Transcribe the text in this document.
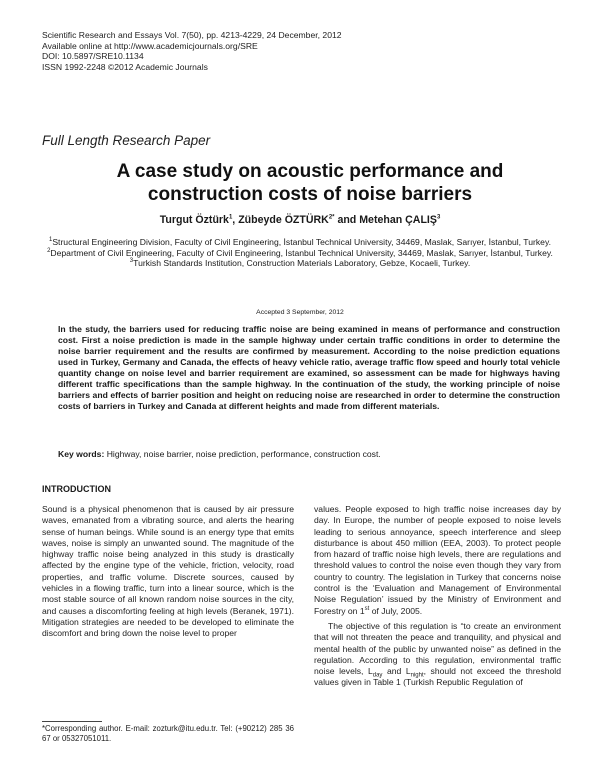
Scientific Research and Essays Vol. 7(50), pp. 4213-4229, 24 December, 2012
Available online at http://www.academicjournals.org/SRE
DOI: 10.5897/SRE10.1134
ISSN 1992-2248 ©2012 Academic Journals
Full Length Research Paper
A case study on acoustic performance and
construction costs of noise barriers
Turgut Öztürk$^1$, Zübeyde $ÖZTÜRK^{2*}$ and Metehan ÇALIŞ$^3$
$^1$Structural Engineering Division, Faculty of Civil Engineering, İstanbul Technical University, 34469, Maslak, Sarıyer, İstanbul, Turkey.
$^2$Department of Civil Engineering, Faculty of Civil Engineering, İstanbul Technical University, 34469, Maslak, Sarıyer, İstanbul, Turkey.
$^3$Turkish Standards Institution, Construction Materials Laboratory, Gebze, Kocaeli, Turkey.
Accepted 3 September, 2012
In the study, the barriers used for reducing traffic noise are being examined in means of performance and construction cost. First a noise prediction is made in the sample highway under certain traffic conditions in order to determine the noise barrier requirement and the results are confirmed by measurement. According to the noise prediction equations used in Turkey, Germany and Canada, the effects of heavy vehicle ratio, average traffic flow speed and hourly total vehicle quantity change on noise level and barrier requirement are examined, so assessment can be made for highways having different traffic specifications than the sample highway. In the continuation of the study, the working principle of noise barriers and effects of barrier position and height on reducing noise are researched in order to determine the construction costs of barriers in Turkey and Canada at different heights and made from different materials.
Key words: Highway, noise barrier, noise prediction, performance, construction cost.
INTRODUCTION

Sound is a physical phenomenon that is caused by air pressure waves, emanated from a vibrating source, and alerts the hearing sense of human beings. While sound is an energy type that emits waves, noise is simply an unwanted sound. The magnitude of the highway traffic noise being analyzed in this study is drastically affected by the engine type of the vehicle, friction, velocity, road properties, and traffic volume. Discrete sources, caused by vehicles in a flowing traffic, turn into a linear source, which is the most stable source of all known random noise sources in the city, and causes a discomforting feeling at high levels (Beranek, 1971). Mitigation strategies are needed to be developed to eliminate the discomfort and bring down the noise level to proper

values. People exposed to high traffic noise increases day by day. In Europe, the number of people exposed to noise levels leading to serious annoyance, speech interference and sleep disturbance is about 450 million (EEA, 2003). To protect people from hazard of traffic noise high levels, there are regulations and threshold values to control the noise even though they vary from country to country. The legislation in Turkey that concerns noise control is the ‘Evaluation and Management of Environmental Noise Regulation’ issued by the Ministry of Environment and Forestry on 1st of July, 2005.

The objective of this regulation is “to create an environment that will not threaten the peace and tranquility, and physical and mental health of the public by unwanted noise” as defined in the regulation. According to this regulation, environmental traffic noise levels, $L_{day}$ and $L_{night}$, should not exceed the threshold values given in Table 1 (Turkish Republic Regulation of

*Corresponding author. E-mail: zozturk@itu.edu.tr. Tel: (+90212) 285 36 67 or 05327051011.
